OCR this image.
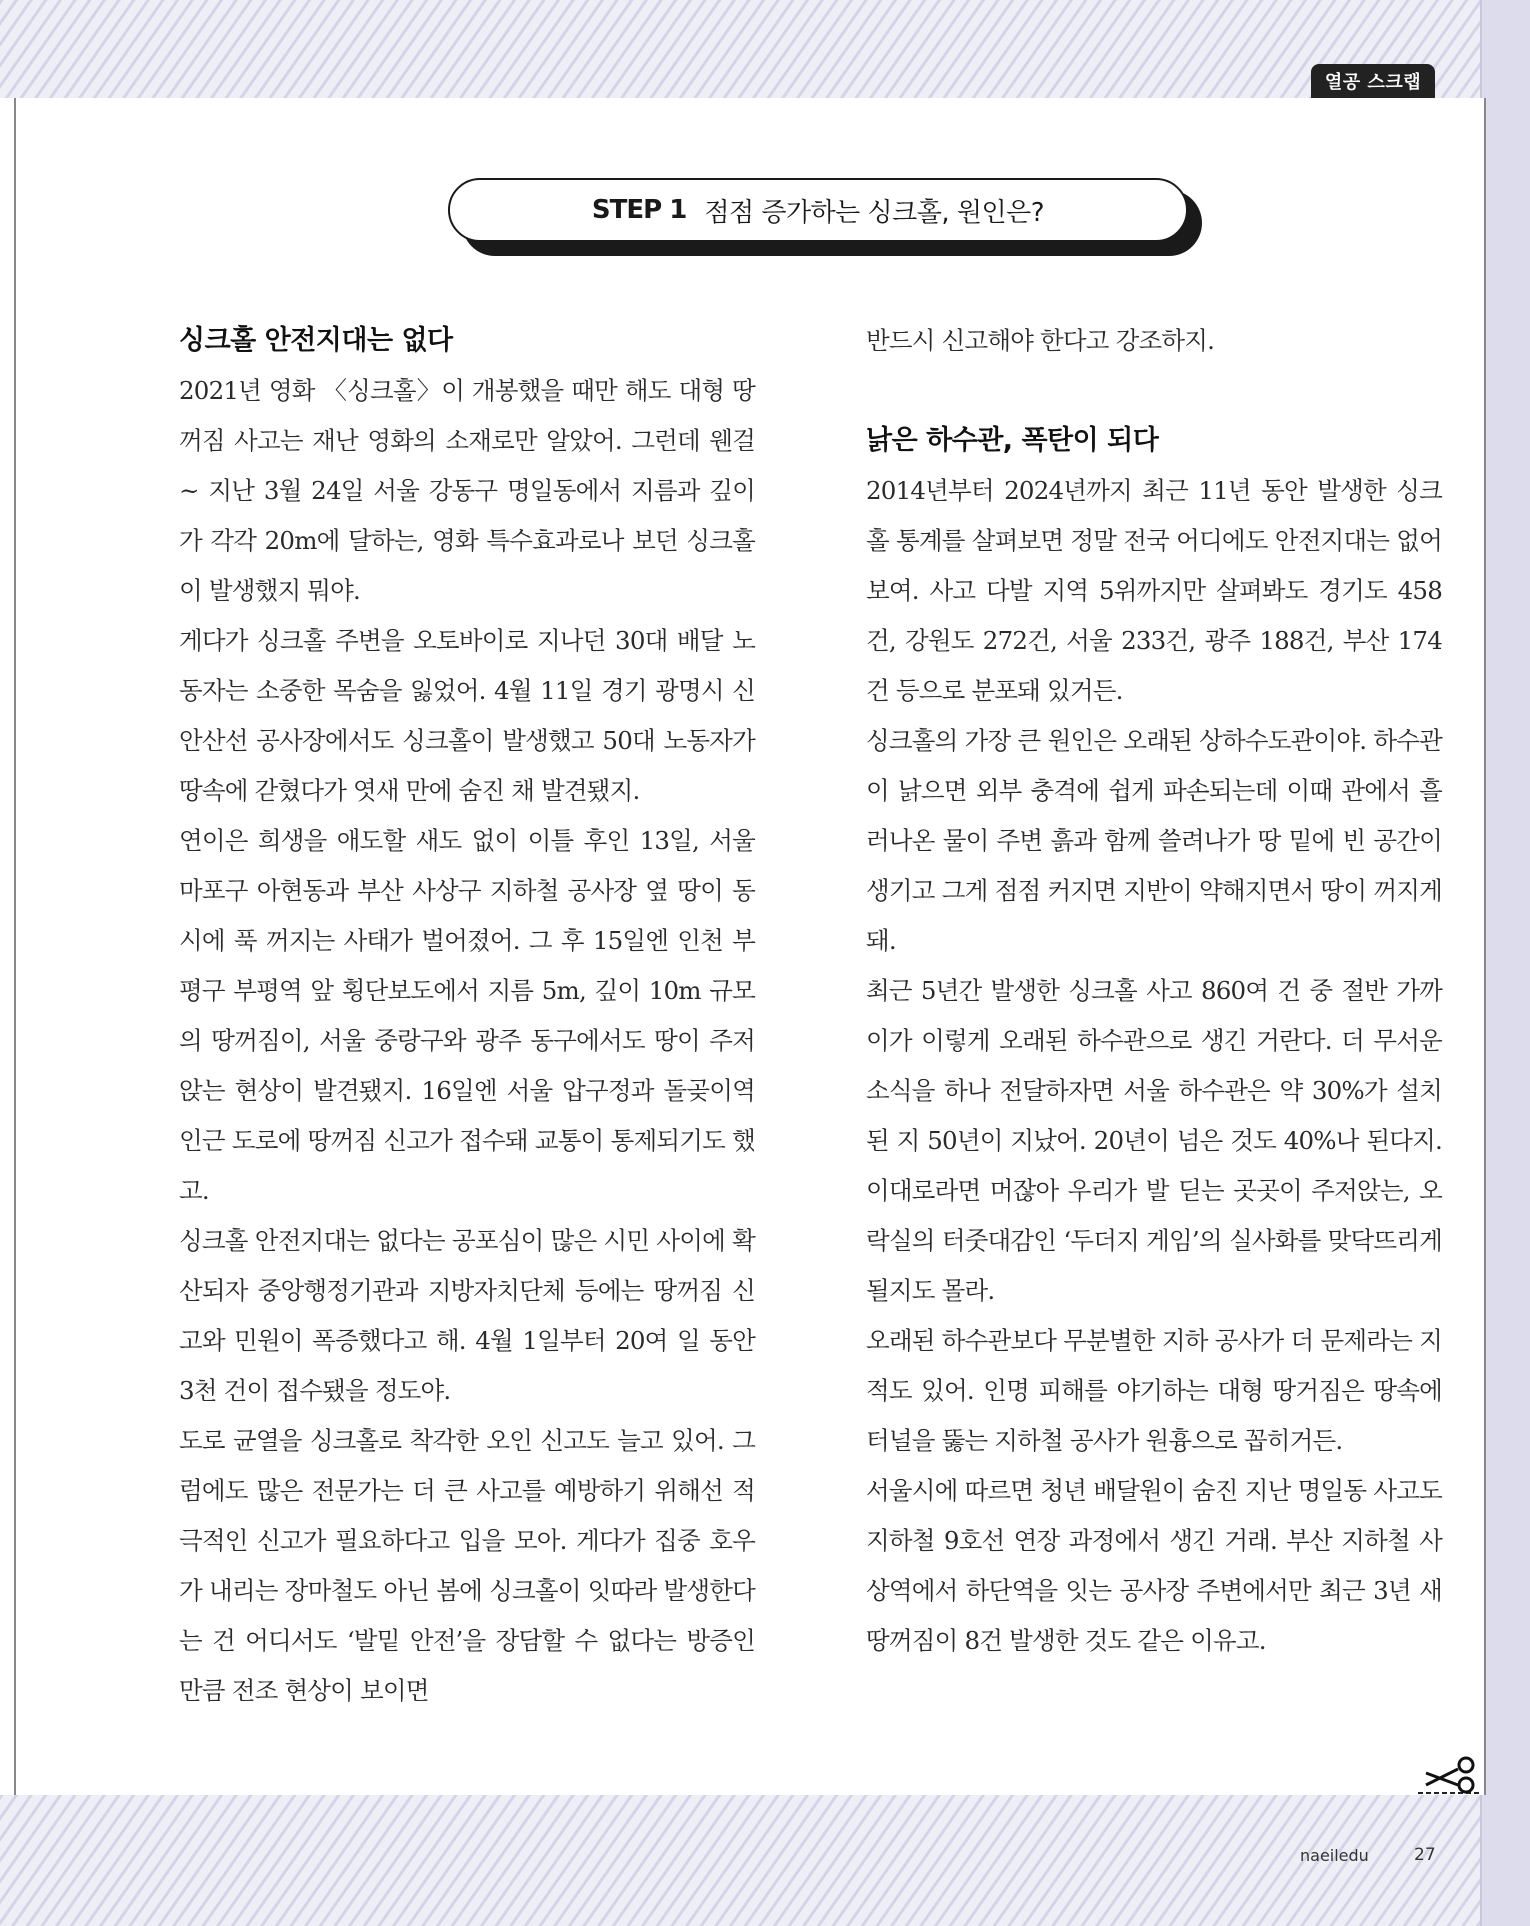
열공 스크랩
STEP 1 점점 증가하는 싱크홀, 원인은?
싱크홀 안전지대는 없다
2021년 영화 〈싱크홀〉이 개봉했을 때만 해도 대형 땅꺼짐 사고는 재난 영화의 소재로만 알았어. 그런데 웬걸~ 지난 3월 24일 서울 강동구 명일동에서 지름과 깊이가 각각 20m에 달하는, 영화 특수효과로나 보던 싱크홀이 발생했지 뭐야.
게다가 싱크홀 주변을 오토바이로 지나던 30대 배달 노동자는 소중한 목숨을 잃었어. 4월 11일 경기 광명시 신안산선 공사장에서도 싱크홀이 발생했고 50대 노동자가 땅속에 갇혔다가 엿새 만에 숨진 채 발견됐지.
연이은 희생을 애도할 새도 없이 이틀 후인 13일, 서울 마포구 아현동과 부산 사상구 지하철 공사장 옆 땅이 동시에 푹 꺼지는 사태가 벌어졌어. 그 후 15일엔 인천 부평구 부평역 앞 횡단보도에서 지름 5m, 깊이 10m 규모의 땅꺼짐이, 서울 중랑구와 광주 동구에서도 땅이 주저앉는 현상이 발견됐지. 16일엔 서울 압구정과 돌곶이역 인근 도로에 땅꺼짐 신고가 접수돼 교통이 통제되기도 했고.
싱크홀 안전지대는 없다는 공포심이 많은 시민 사이에 확산되자 중앙행정기관과 지방자치단체 등에는 땅꺼짐 신고와 민원이 폭증했다고 해. 4월 1일부터 20여 일 동안 3천 건이 접수됐을 정도야.
도로 균열을 싱크홀로 착각한 오인 신고도 늘고 있어. 그럼에도 많은 전문가는 더 큰 사고를 예방하기 위해선 적극적인 신고가 필요하다고 입을 모아. 게다가 집중 호우가 내리는 장마철도 아닌 봄에 싱크홀이 잇따라 발생한다는 건 어디서도 ‘발밑 안전’을 장담할 수 없다는 방증인 만큼 전조 현상이 보이면
반드시 신고해야 한다고 강조하지.
낡은 하수관, 폭탄이 되다
2014년부터 2024년까지 최근 11년 동안 발생한 싱크홀 통계를 살펴보면 정말 전국 어디에도 안전지대는 없어 보여. 사고 다발 지역 5위까지만 살펴봐도 경기도 458건, 강원도 272건, 서울 233건, 광주 188건, 부산 174건 등으로 분포돼 있거든.
싱크홀의 가장 큰 원인은 오래된 상하수도관이야. 하수관이 낡으면 외부 충격에 쉽게 파손되는데 이때 관에서 흘러나온 물이 주변 흙과 함께 쓸려나가 땅 밑에 빈 공간이 생기고 그게 점점 커지면 지반이 약해지면서 땅이 꺼지게 돼.
최근 5년간 발생한 싱크홀 사고 860여 건 중 절반 가까이가 이렇게 오래된 하수관으로 생긴 거란다. 더 무서운 소식을 하나 전달하자면 서울 하수관은 약 30%가 설치된 지 50년이 지났어. 20년이 넘은 것도 40%나 된다지. 이대로라면 머잖아 우리가 발 딛는 곳곳이 주저앉는, 오락실의 터줏대감인 ‘두더지 게임’의 실사화를 맞닥뜨리게 될지도 몰라.
오래된 하수관보다 무분별한 지하 공사가 더 문제라는 지적도 있어. 인명 피해를 야기하는 대형 땅거짐은 땅속에 터널을 뚫는 지하철 공사가 원흉으로 꼽히거든.
서울시에 따르면 청년 배달원이 숨진 지난 명일동 사고도 지하철 9호선 연장 과정에서 생긴 거래. 부산 지하철 사상역에서 하단역을 잇는 공사장 주변에서만 최근 3년 새 땅꺼짐이 8건 발생한 것도 같은 이유고.
naeiledu	27
